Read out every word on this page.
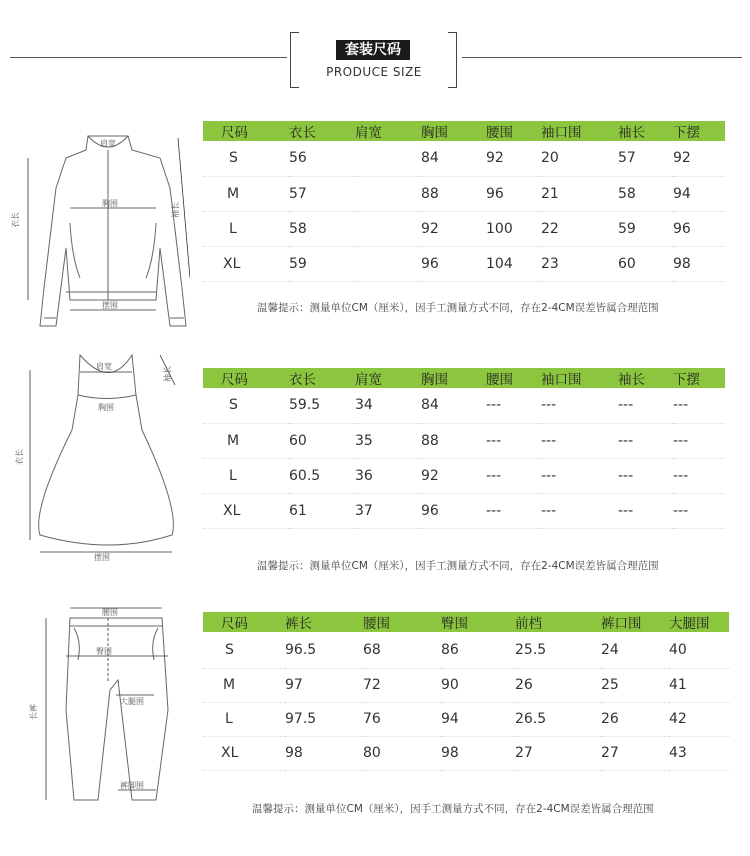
套装尺码
PRODUCE SIZE
肩宽
胸围
摆围
衣长
袖长
肩宽
胸围
摆围
衣长
袖长
腰围
臀围
大腿围
裤脚围
长裤
尺码	衣长	肩宽	胸围	腰围	袖口围	袖长	下摆
S	56		84	92	20	57	92
M	57		88	96	21	58	94
L	58		92	100	22	59	96
XL	59		96	104	23	60	98
温馨提示：测量单位CM（厘米），因手工测量方式不同，存在2-4CM误差皆属合理范围
尺码	衣长	肩宽	胸围	腰围	袖口围	袖长	下摆
S	59.5	34	84	---	---	---	---
M	60	35	88	---	---	---	---
L	60.5	36	92	---	---	---	---
XL	61	37	96	---	---	---	---
温馨提示：测量单位CM（厘米），因手工测量方式不同，存在2-4CM误差皆属合理范围
尺码	裤长	腰围	臀围	前档	裤口围	大腿围
S	96.5	68	86	25.5	24	40
M	97	72	90	26	25	41
L	97.5	76	94	26.5	26	42
XL	98	80	98	27	27	43
温馨提示：测量单位CM（厘米），因手工测量方式不同，存在2-4CM误差皆属合理范围
